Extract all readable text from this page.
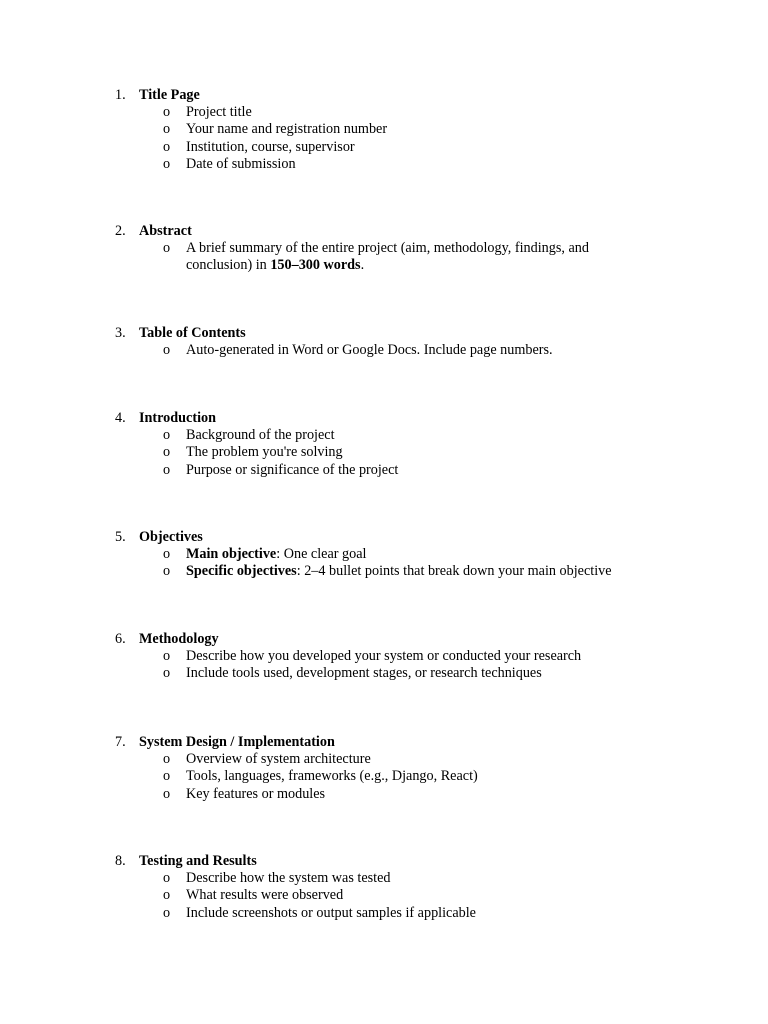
1. Title Page
o Project title
o Your name and registration number
o Institution, course, supervisor
o Date of submission
2. Abstract
o A brief summary of the entire project (aim, methodology, findings, and conclusion) in 150–300 words.
3. Table of Contents
o Auto-generated in Word or Google Docs. Include page numbers.
4. Introduction
o Background of the project
o The problem you're solving
o Purpose or significance of the project
5. Objectives
o Main objective: One clear goal
o Specific objectives: 2–4 bullet points that break down your main objective
6. Methodology
o Describe how you developed your system or conducted your research
o Include tools used, development stages, or research techniques
7. System Design / Implementation
o Overview of system architecture
o Tools, languages, frameworks (e.g., Django, React)
o Key features or modules
8. Testing and Results
o Describe how the system was tested
o What results were observed
o Include screenshots or output samples if applicable
